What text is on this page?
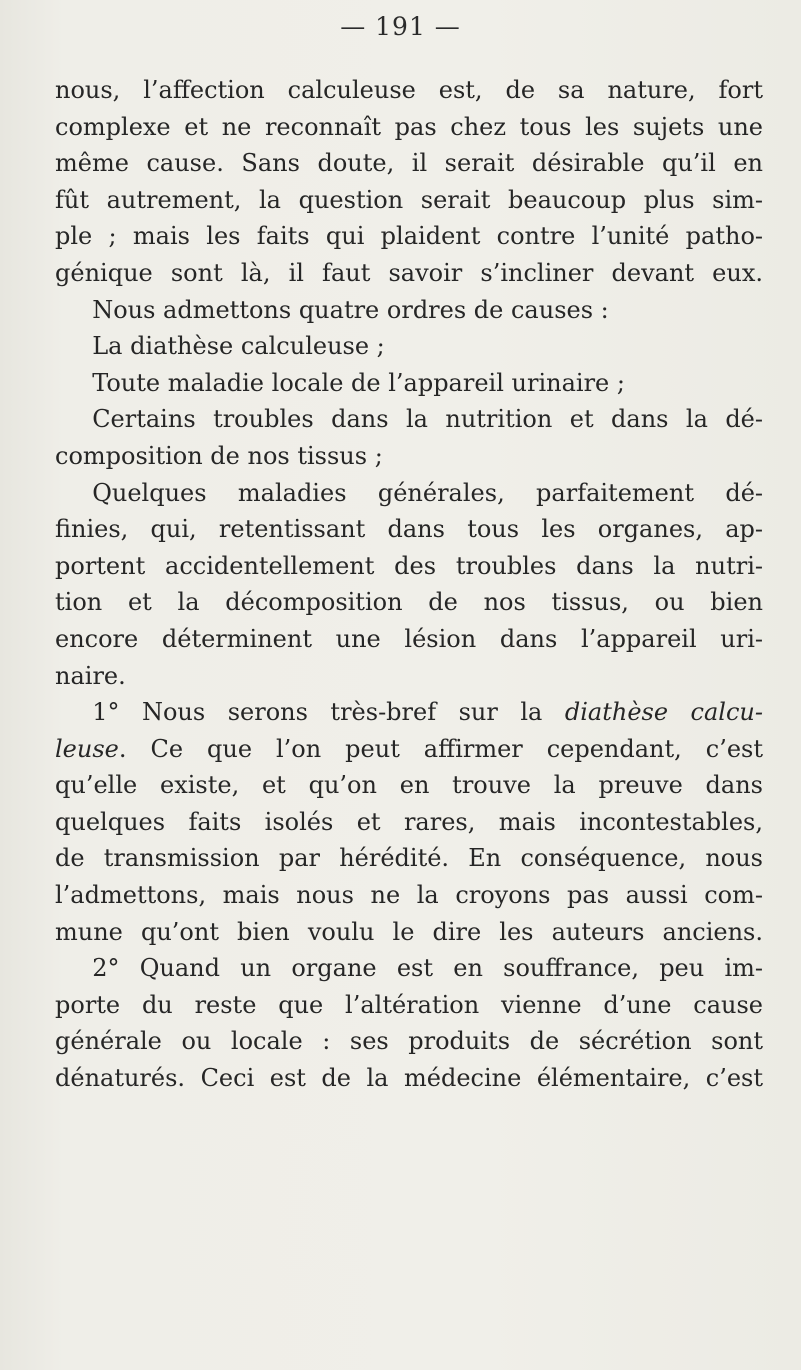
— 191 —
nous, l’affection calculeuse est, de sa nature, fort
complexe et ne reconnaît pas chez tous les sujets une
même cause. Sans doute, il serait désirable qu’il en
fût autrement, la question serait beaucoup plus sim-
ple ; mais les faits qui plaident contre l’unité patho-
génique sont là, il faut savoir s’incliner devant eux.
Nous admettons quatre ordres de causes :
La diathèse calculeuse ;
Toute maladie locale de l’appareil urinaire ;
Certains troubles dans la nutrition et dans la dé-
composition de nos tissus ;
Quelques maladies générales, parfaitement dé-
finies, qui, retentissant dans tous les organes, ap-
portent accidentellement des troubles dans la nutri-
tion et la décomposition de nos tissus, ou bien
encore déterminent une lésion dans l’appareil uri-
naire.
1° Nous serons très-bref sur la diathèse calcu-
leuse. Ce que l’on peut affirmer cependant, c’est
qu’elle existe, et qu’on en trouve la preuve dans
quelques faits isolés et rares, mais incontestables,
de transmission par hérédité. En conséquence, nous
l’admettons, mais nous ne la croyons pas aussi com-
mune qu’ont bien voulu le dire les auteurs anciens.
2° Quand un organe est en souffrance, peu im-
porte du reste que l’altération vienne d’une cause
générale ou locale : ses produits de sécrétion sont
dénaturés. Ceci est de la médecine élémentaire, c’est
